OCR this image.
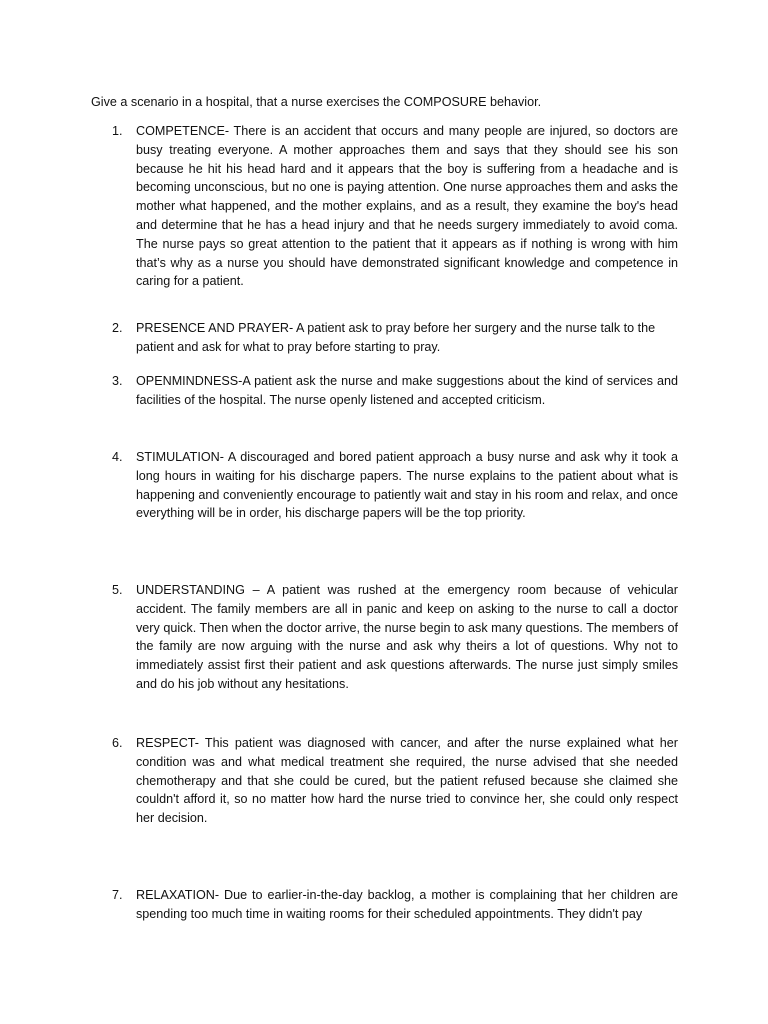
Give a scenario in a hospital, that a nurse exercises the COMPOSURE behavior.
1.	COMPETENCE- There is an accident that occurs and many people are injured, so doctors are busy treating everyone. A mother approaches them and says that they should see his son because he hit his head hard and it appears that the boy is suffering from a headache and is becoming unconscious, but no one is paying attention. One nurse approaches them and asks the mother what happened, and the mother explains, and as a result, they examine the boy's head and determine that he has a head injury and that he needs surgery immediately to avoid coma. The nurse pays so great attention to the patient that it appears as if nothing is wrong with him that’s why as a nurse you should have demonstrated significant knowledge and competence in caring for a patient.
2.	PRESENCE AND PRAYER- A patient ask to pray before her surgery and the nurse talk to the patient and ask for what to pray before starting to pray.
3.	OPENMINDNESS-A patient ask the nurse and make suggestions about the kind of services and facilities of the hospital. The nurse openly listened and accepted criticism.
4.	STIMULATION- A discouraged and bored patient approach a busy nurse and ask why it took a long hours in waiting for his discharge papers. The nurse explains to the patient about what is happening and conveniently encourage to patiently wait and stay in his room and relax, and once everything will be in order, his discharge papers will be the top priority.
5.	UNDERSTANDING – A patient was rushed at the emergency room because of vehicular accident. The family members are all in panic and keep on asking to the nurse to call a doctor very quick. Then when the doctor arrive, the nurse begin to ask many questions. The members of the family are now arguing with the nurse and ask why theirs a lot of questions. Why not to immediately assist first their patient and ask questions afterwards. The nurse just simply smiles and do his job without any hesitations.
6.	RESPECT- This patient was diagnosed with cancer, and after the nurse explained what her condition was and what medical treatment she required, the nurse advised that she needed chemotherapy and that she could be cured, but the patient refused because she claimed she couldn't afford it, so no matter how hard the nurse tried to convince her, she could only respect her decision.
7.	RELAXATION- Due to earlier-in-the-day backlog, a mother is complaining that her children are spending too much time in waiting rooms for their scheduled appointments. They didn't pay
